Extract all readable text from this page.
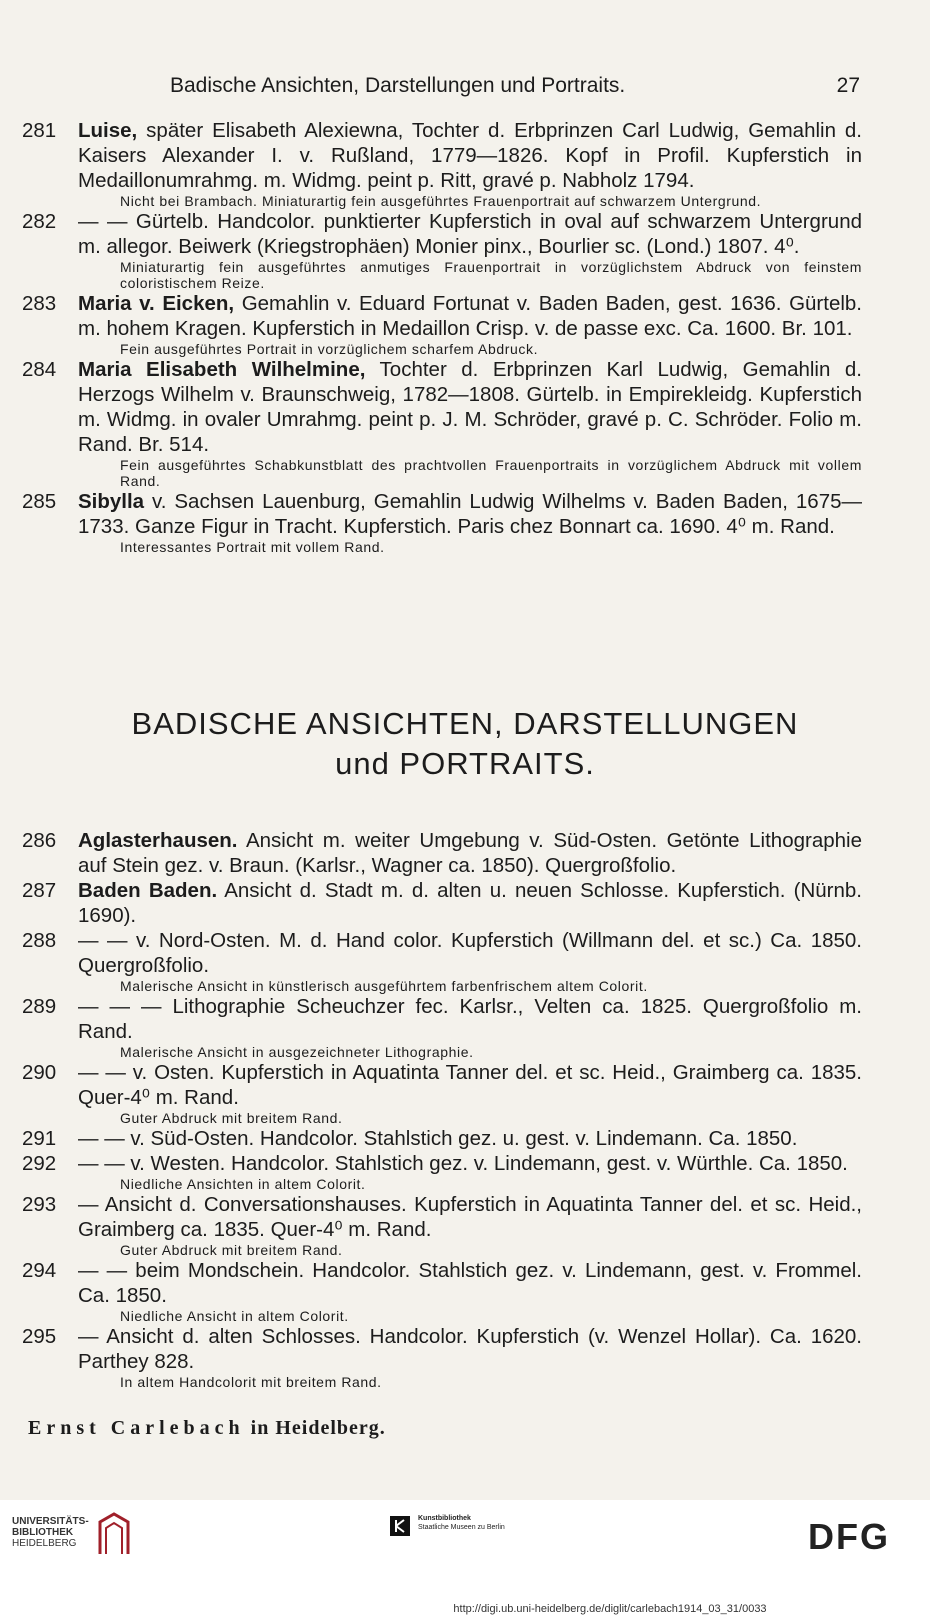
Badische Ansichten, Darstellungen und Portraits.	27
281	Luise, später Elisabeth Alexiewna, Tochter d. Erbprinzen Carl Ludwig, Gemahlin d. Kaisers Alexander I. v. Rußland, 1779—1826. Kopf in Profil. Kupferstich in Medaillonumrahmg. m. Widmg. peint p. Ritt, gravé p. Nabholz 1794.
Nicht bei Brambach. Miniaturartig fein ausgeführtes Frauenportrait auf schwarzem Untergrund.
282	— — Gürtelb. Handcolor. punktierter Kupferstich in oval auf schwarzem Untergrund m. allegor. Beiwerk (Kriegstrophäen) Monier pinx., Bourlier sc. (Lond.) 1807. 4⁰.
Miniaturartig fein ausgeführtes anmutiges Frauenportrait in vorzüglichstem Abdruck von feinstem coloristischem Reize.
283	Maria v. Eicken, Gemahlin v. Eduard Fortunat v. Baden Baden, gest. 1636. Gürtelb. m. hohem Kragen. Kupferstich in Medaillon Crisp. v. de passe exc. Ca. 1600. Br. 101.
Fein ausgeführtes Portrait in vorzüglichem scharfem Abdruck.
284	Maria Elisabeth Wilhelmine, Tochter d. Erbprinzen Karl Ludwig, Gemahlin d. Herzogs Wilhelm v. Braunschweig, 1782—1808. Gürtelb. in Empirekleidg. Kupferstich m. Widmg. in ovaler Umrahmg. peint p. J. M. Schröder, gravé p. C. Schröder. Folio m. Rand. Br. 514.
Fein ausgeführtes Schabkunstblatt des prachtvollen Frauenportraits in vorzüglichem Abdruck mit vollem Rand.
285	Sibylla v. Sachsen Lauenburg, Gemahlin Ludwig Wilhelms v. Baden Baden, 1675—1733. Ganze Figur in Tracht. Kupferstich. Paris chez Bonnart ca. 1690. 4⁰ m. Rand.
Interessantes Portrait mit vollem Rand.
BADISCHE ANSICHTEN, DARSTELLUNGEN
und PORTRAITS.
286	Aglasterhausen. Ansicht m. weiter Umgebung v. Süd-Osten. Getönte Lithographie auf Stein gez. v. Braun. (Karlsr., Wagner ca. 1850). Quergroßfolio.
287	Baden Baden. Ansicht d. Stadt m. d. alten u. neuen Schlosse. Kupferstich. (Nürnb. 1690).
288	— — v. Nord-Osten. M. d. Hand color. Kupferstich (Willmann del. et sc.) Ca. 1850. Quergroßfolio.
Malerische Ansicht in künstlerisch ausgeführtem farbenfrischem altem Colorit.
289	— — — Lithographie Scheuchzer fec. Karlsr., Velten ca. 1825. Quergroßfolio m. Rand.
Malerische Ansicht in ausgezeichneter Lithographie.
290	— — v. Osten. Kupferstich in Aquatinta Tanner del. et sc. Heid., Graimberg ca. 1835. Quer-4⁰ m. Rand.
Guter Abdruck mit breitem Rand.
291	— — v. Süd-Osten. Handcolor. Stahlstich gez. u. gest. v. Lindemann. Ca. 1850.
292	— — v. Westen. Handcolor. Stahlstich gez. v. Lindemann, gest. v. Würthle. Ca. 1850.
Niedliche Ansichten in altem Colorit.
293	— Ansicht d. Conversationshauses. Kupferstich in Aquatinta Tanner del. et sc. Heid., Graimberg ca. 1835. Quer-4⁰ m. Rand.
Guter Abdruck mit breitem Rand.
294	— — beim Mondschein. Handcolor. Stahlstich gez. v. Lindemann, gest. v. Frommel. Ca. 1850.
Niedliche Ansicht in altem Colorit.
295	— Ansicht d. alten Schlosses. Handcolor. Kupferstich (v. Wenzel Hollar). Ca. 1620. Parthey 828.
In altem Handcolorit mit breitem Rand.
Ernst Carlebach in Heidelberg.
UNIVERSITÄTS-
BIBLIOTHEK
HEIDELBERG
Kunstbibliothek
Staatliche Museen zu Berlin	DFG
http://digi.ub.uni-heidelberg.de/diglit/carlebach1914_03_31/0033
